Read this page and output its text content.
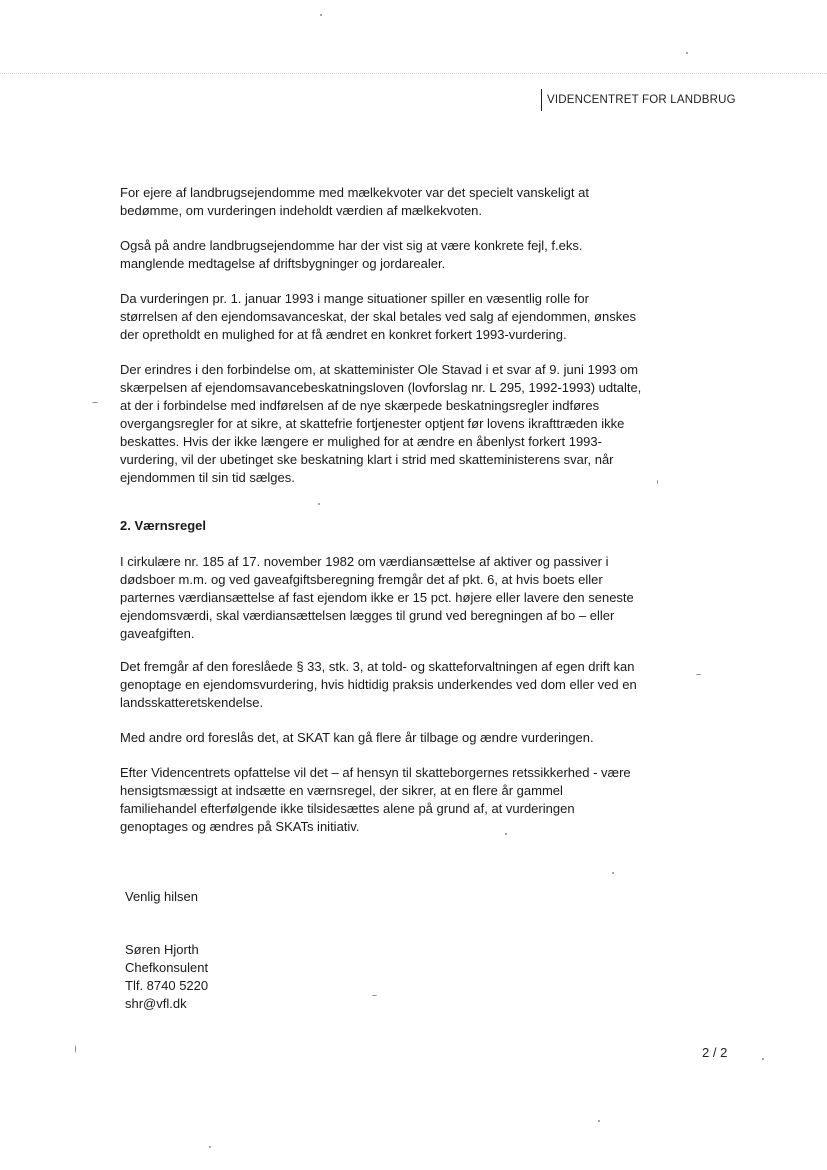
VIDENCENTRET FOR LANDBRUG

For ejere af landbrugsejendomme med mælkekvoter var det specielt vanskeligt at bedømme, om vurderingen indeholdt værdien af mælkekvoten.

Også på andre landbrugsejendomme har der vist sig at være konkrete fejl, f.eks. manglende medtagelse af driftsbygninger og jordarealer.

Da vurderingen pr. 1. januar 1993 i mange situationer spiller en væsentlig rolle for størrelsen af den ejendomsavanceskat, der skal betales ved salg af ejendommen, ønskes der opretholdt en mulighed for at få ændret en konkret forkert 1993-vurdering.

Der erindres i den forbindelse om, at skatteminister Ole Stavad i et svar af 9. juni 1993 om skærpelsen af ejendomsavancebeskatningsloven (lovforslag nr. L 295, 1992-1993) udtalte, at der i forbindelse med indførelsen af de nye skærpede beskatningsregler indføres overgangsregler for at sikre, at skattefrie fortjenester optjent før lovens ikrafttræden ikke beskattes. Hvis der ikke længere er mulighed for at ændre en åbenlyst forkert 1993-vurdering, vil der ubetinget ske beskatning klart i strid med skatteministerens svar, når ejendommen til sin tid sælges.

2. Værnsregel

I cirkulære nr. 185 af 17. november 1982 om værdiansættelse af aktiver og passiver i dødsboer m.m. og ved gaveafgiftsberegning fremgår det af pkt. 6, at hvis boets eller parternes værdiansættelse af fast ejendom ikke er 15 pct. højere eller lavere den seneste ejendomsværdi, skal værdiansættelsen lægges til grund ved beregningen af bo – eller gaveafgiften.

Det fremgår af den foreslåede § 33, stk. 3, at told- og skatteforvaltningen af egen drift kan genoptage en ejendomsvurdering, hvis hidtidig praksis underkendes ved dom eller ved en landsskatteretskendelse.

Med andre ord foreslås det, at SKAT kan gå flere år tilbage og ændre vurderingen.

Efter Videncentrets opfattelse vil det – af hensyn til skatteborgernes retssikkerhed - være hensigtsmæssigt at indsætte en værnsregel, der sikrer, at en flere år gammel familiehandel efterfølgende ikke tilsidesættes alene på grund af, at vurderingen genoptages og ændres på SKATs initiativ.

Venlig hilsen

Søren Hjorth

Chefkonsulent

Tlf. 8740 5220

shr@vfl.dk

2 / 2
